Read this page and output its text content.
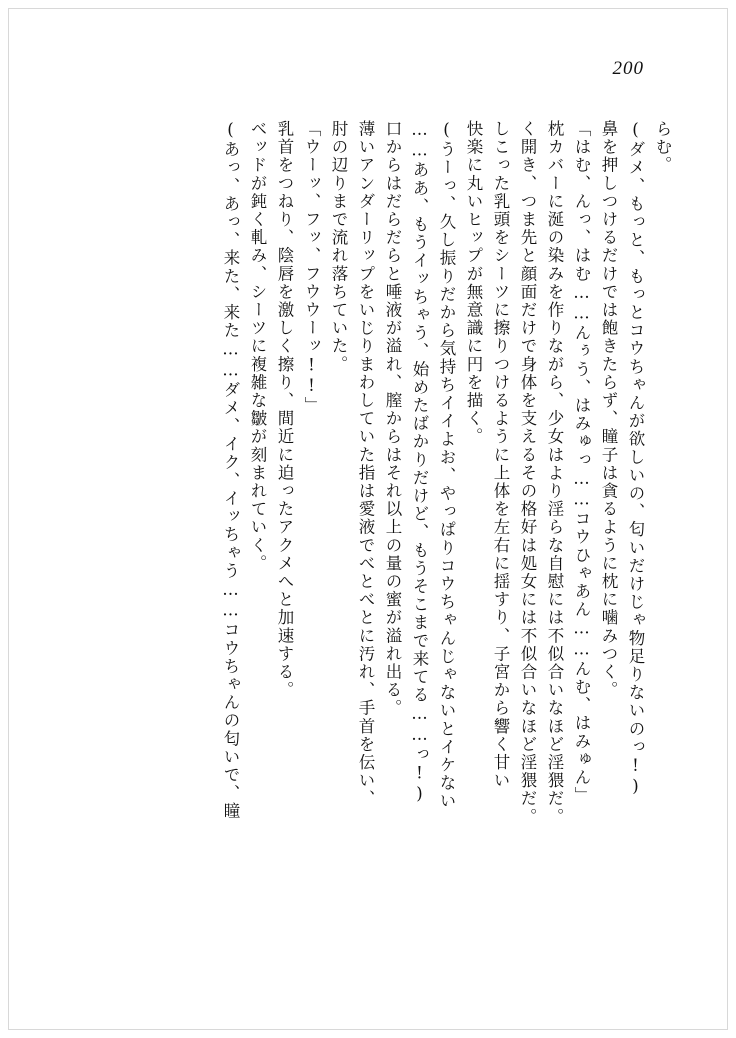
200
らむ。
(ダメ、もっと、もっとコウちゃんが欲しいの、匂いだけじゃ物足りないのっ!)
鼻を押しつけるだけでは飽きたらず、瞳子は貪るように枕に噛みつく。
「はむ、んっ、はむ……んぅう、はみゅっ……コウひゃあん……んむ、はみゅん」
枕カバーに涎の染みを作りながら、少女はより淫らな自慰には不似合いなほど淫猥だ。
く開き、つま先と顔面だけで身体を支えるその格好は処女には不似合いなほど淫猥だ。
しこった乳頭をシーツに擦りつけるように上体を左右に揺すり、子宮から響く甘い
快楽に丸いヒップが無意識に円を描く。
(うーっ、久し振りだから気持ちイイよお、やっぱりコウちゃんじゃないとイケない
……ああ、もうイッちゃう、始めたばかりだけど、もうそこまで来てる……っ!)
口からはだらだらと唾液が溢れ、膣からはそれ以上の量の蜜が溢れ出る。
薄いアンダーリップをいじりまわしていた指は愛液でべとべとに汚れ、手首を伝い、
肘の辺りまで流れ落ちていた。
「ウーッ、フッ、フウウーッ!!」
乳首をつねり、陰唇を激しく擦り、間近に迫ったアクメへと加速する。
ベッドが鈍く軋み、シーツに複雑な皺が刻まれていく。
(あっ、あっ、来た、来た……ダメ、イク、イッちゃう……コウちゃんの匂いで、瞳
